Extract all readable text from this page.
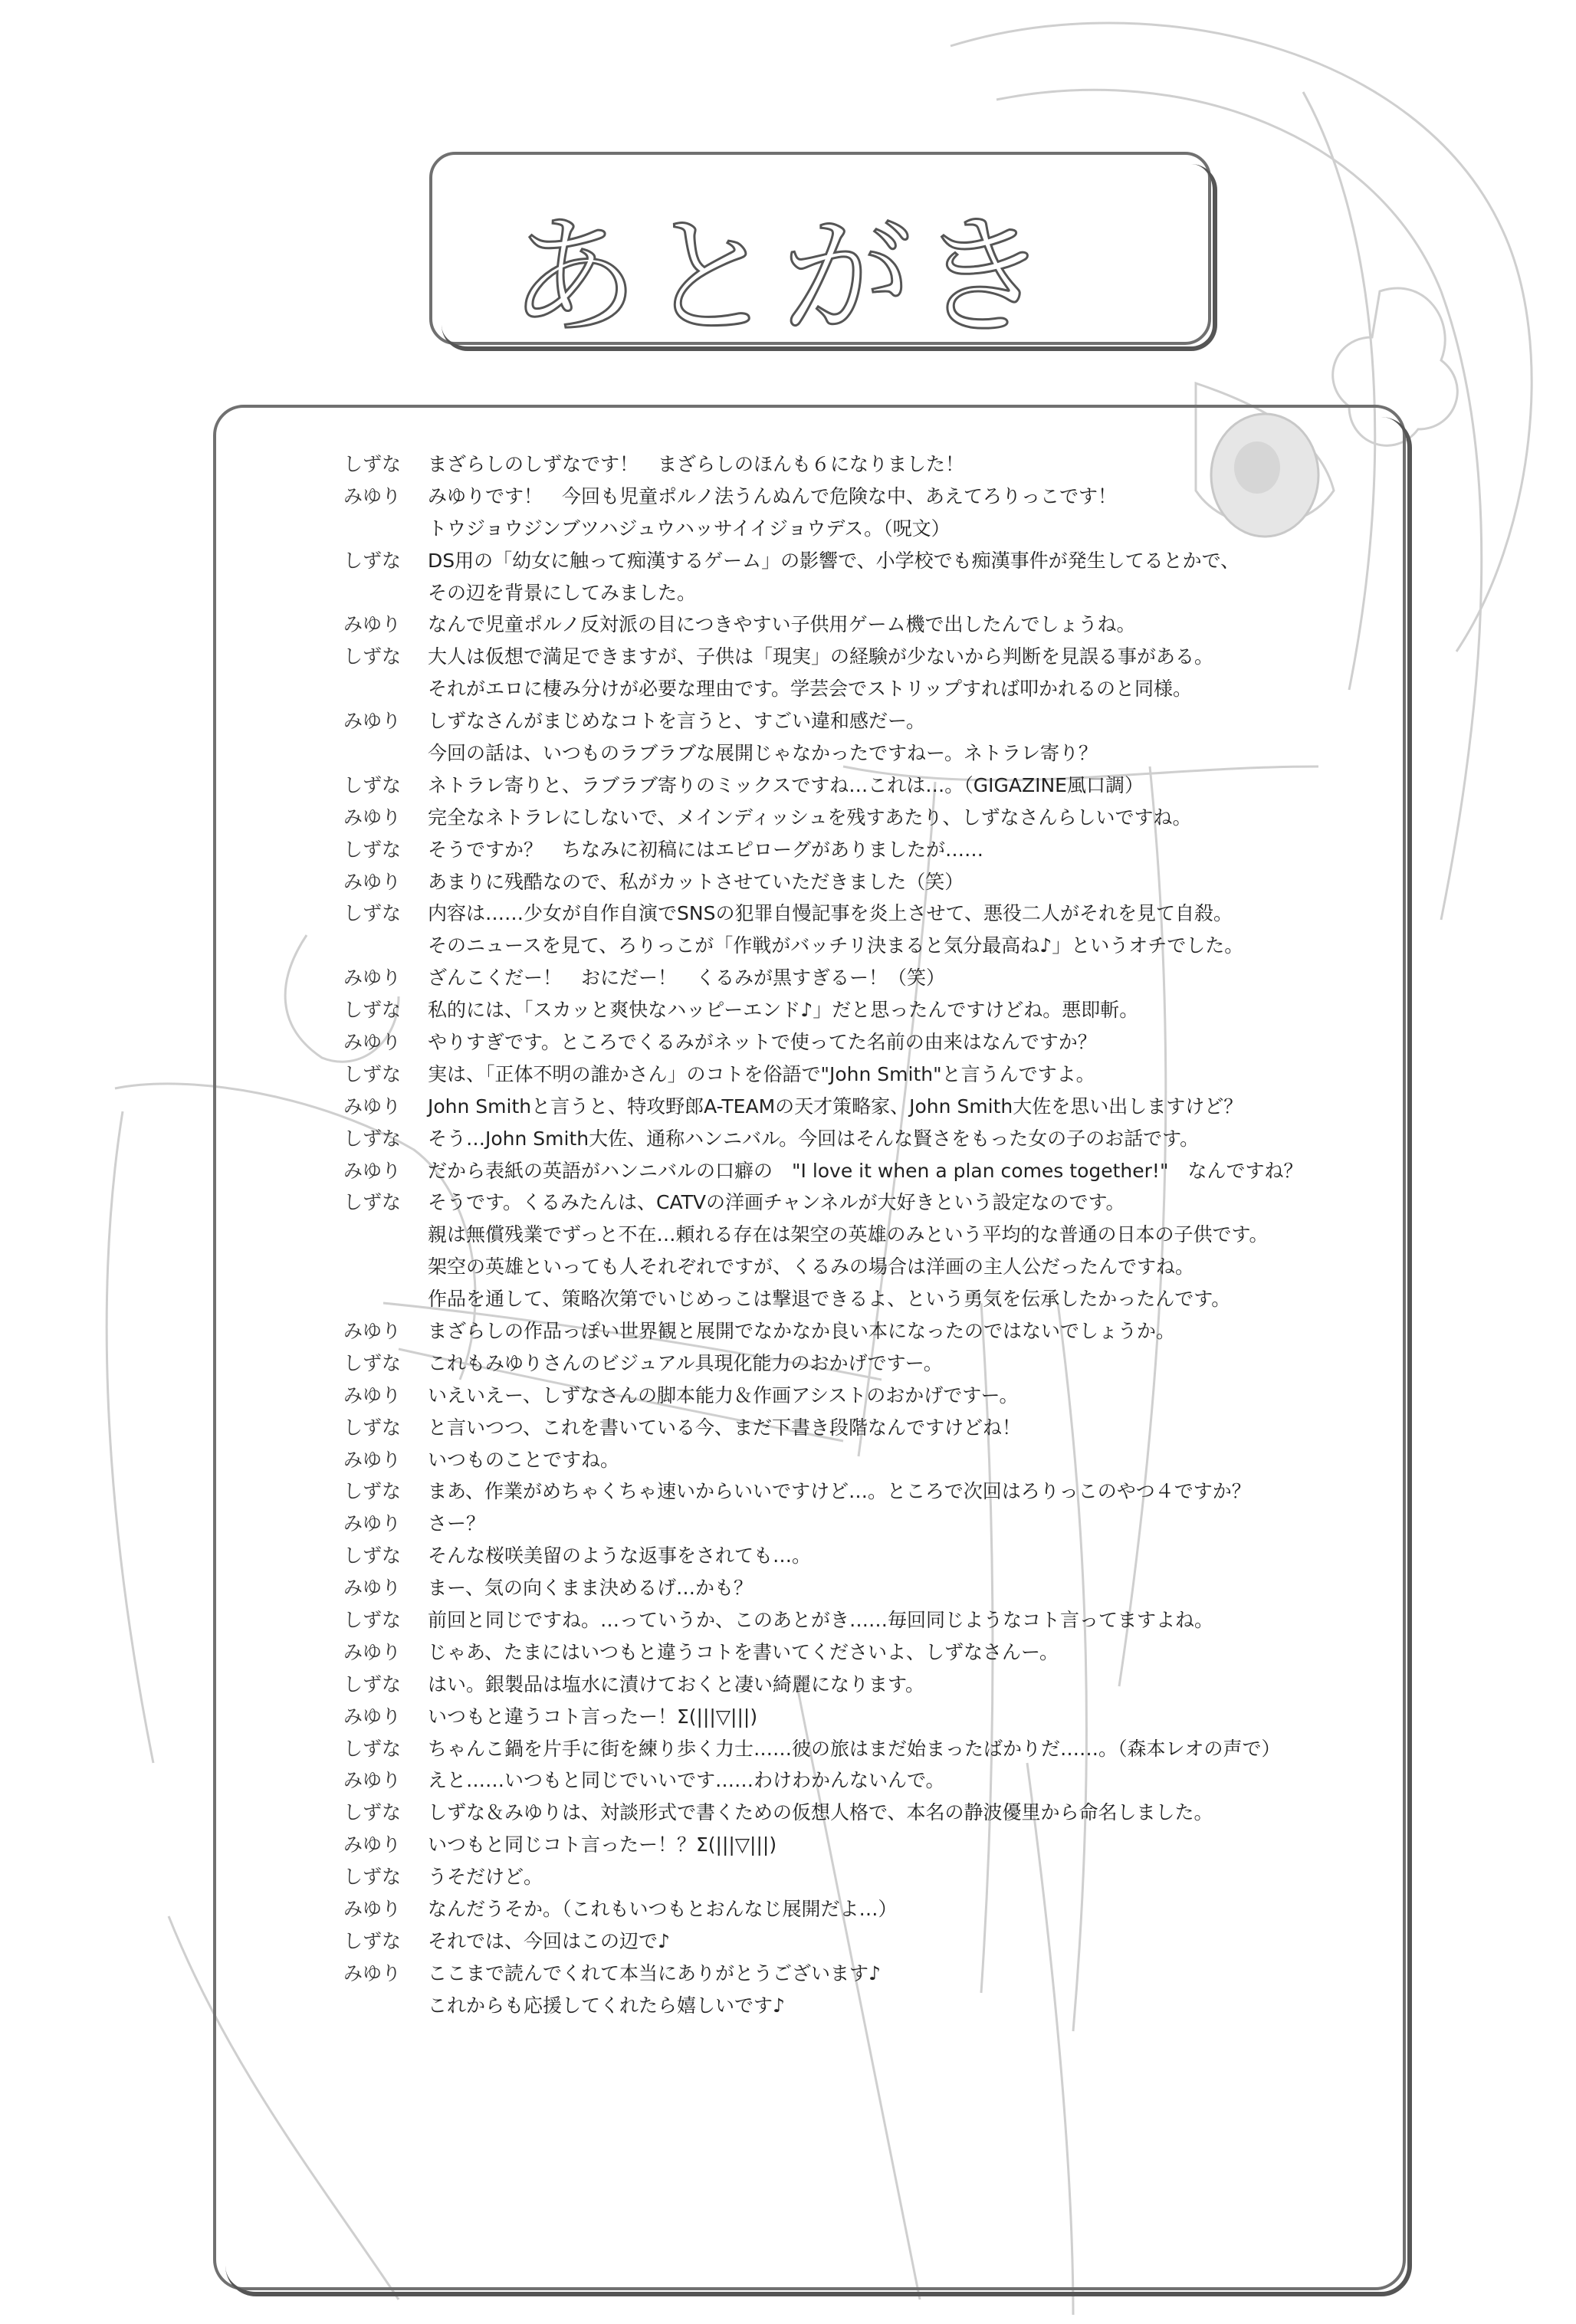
あとがき
しずな	まざらしのしずなです！　まざらしのほんも６になりました！
みゆり	みゆりです！　今回も児童ポルノ法うんぬんで危険な中、あえてろりっこです！
トウジョウジンブツハジュウハッサイイジョウデス。（呪文）
しずな	DS用の「幼女に触って痴漢するゲーム」の影響で、小学校でも痴漢事件が発生してるとかで、
その辺を背景にしてみました。
みゆり	なんで児童ポルノ反対派の目につきやすい子供用ゲーム機で出したんでしょうね。
しずな	大人は仮想で満足できますが、子供は「現実」の経験が少ないから判断を見誤る事がある。
それがエロに棲み分けが必要な理由です。学芸会でストリップすれば叩かれるのと同様。
みゆり	しずなさんがまじめなコトを言うと、すごい違和感だー。
今回の話は、いつものラブラブな展開じゃなかったですねー。ネトラレ寄り？
しずな	ネトラレ寄りと、ラブラブ寄りのミックスですね…これは…。（GIGAZINE風口調）
みゆり	完全なネトラレにしないで、メインディッシュを残すあたり、しずなさんらしいですね。
しずな	そうですか？　ちなみに初稿にはエピローグがありましたが……
みゆり	あまりに残酷なので、私がカットさせていただきました（笑）
しずな	内容は……少女が自作自演でSNSの犯罪自慢記事を炎上させて、悪役二人がそれを見て自殺。
そのニュースを見て、ろりっこが「作戦がバッチリ決まると気分最高ね♪」というオチでした。
みゆり	ざんこくだー！　おにだー！　くるみが黒すぎるー！（笑）
しずな	私的には、「スカッと爽快なハッピーエンド♪」だと思ったんですけどね。悪即斬。
みゆり	やりすぎです。ところでくるみがネットで使ってた名前の由来はなんですか？
しずな	実は、「正体不明の誰かさん」のコトを俗語で"John Smith"と言うんですよ。
みゆり	John Smithと言うと、特攻野郎A-TEAMの天才策略家、John Smith大佐を思い出しますけど？
しずな	そう…John Smith大佐、通称ハンニバル。今回はそんな賢さをもった女の子のお話です。
みゆり	だから表紙の英語がハンニバルの口癖の　"I love it when a plan comes together!"　なんですね？
しずな	そうです。くるみたんは、CATVの洋画チャンネルが大好きという設定なのです。
親は無償残業でずっと不在…頼れる存在は架空の英雄のみという平均的な普通の日本の子供です。
架空の英雄といっても人それぞれですが、くるみの場合は洋画の主人公だったんですね。
作品を通して、策略次第でいじめっこは撃退できるよ、という勇気を伝承したかったんです。
みゆり	まざらしの作品っぽい世界観と展開でなかなか良い本になったのではないでしょうか。
しずな	これもみゆりさんのビジュアル具現化能力のおかげですー。
みゆり	いえいえー、しずなさんの脚本能力＆作画アシストのおかげですー。
しずな	と言いつつ、これを書いている今、まだ下書き段階なんですけどね！
みゆり	いつものことですね。
しずな	まあ、作業がめちゃくちゃ速いからいいですけど…。ところで次回はろりっこのやつ４ですか？
みゆり	さー？
しずな	そんな桜咲美留のような返事をされても…。
みゆり	まー、気の向くまま決めるげ…かも？
しずな	前回と同じですね。…っていうか、このあとがき……毎回同じようなコト言ってますよね。
みゆり	じゃあ、たまにはいつもと違うコトを書いてくださいよ、しずなさんー。
しずな	はい。銀製品は塩水に漬けておくと凄い綺麗になります。
みゆり	いつもと違うコト言ったー！Σ(|||▽|||)
しずな	ちゃんこ鍋を片手に街を練り歩く力士……彼の旅はまだ始まったばかりだ……。（森本レオの声で）
みゆり	えと……いつもと同じでいいです……わけわかんないんで。
しずな	しずな＆みゆりは、対談形式で書くための仮想人格で、本名の静波優里から命名しました。
みゆり	いつもと同じコト言ったー！？Σ(|||▽|||)
しずな	うそだけど。
みゆり	なんだうそか。（これもいつもとおんなじ展開だよ…）
しずな	それでは、今回はこの辺で♪
みゆり	ここまで読んでくれて本当にありがとうございます♪
これからも応援してくれたら嬉しいです♪
